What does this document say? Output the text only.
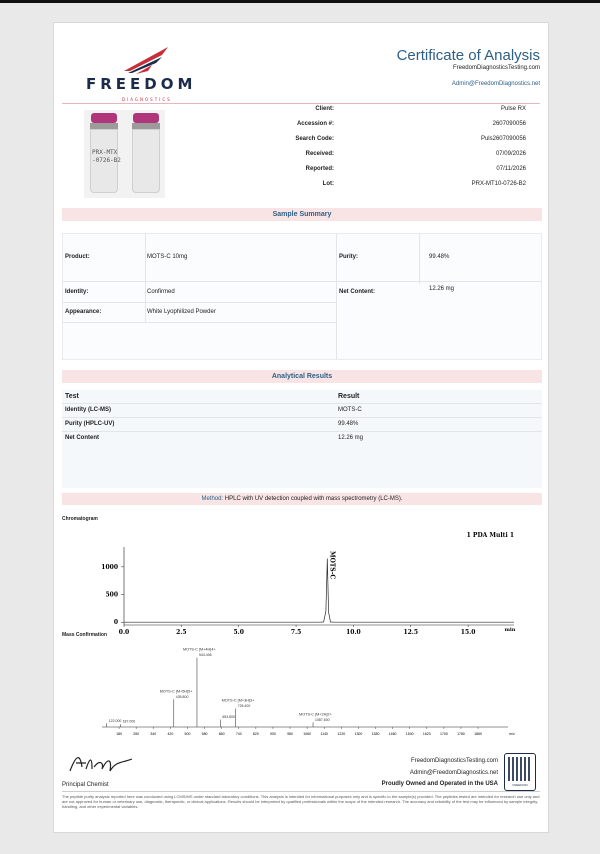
FREEDOM
DIAGNOSTICS
Certificate of Analysis
FreedomDiagnosticsTesting.com
Admin@FreedomDiagnostics.net
PRX-MTX
-0726-B2
Client:	Pulse RX
Accession #:	2607090056
Search Code:	Puls2607090056
Received:	07/09/2026
Reported:	07/11/2026
Lot:	PRX-MT10-0726-B2
Sample Summary
Product:	MOTS-C 10mg	Purity:	99.48%
Identity:	Confirmed	Net Content:	12.26 mg
Appearance:	White Lyophilized Powder
Analytical Results
Test	Result
Identity (LC-MS)	MOTS-C
Purity (HPLC-UV)	99.48%
Net Content	12.26 mg
Method: HPLC with UV detection coupled with mass spectrometry (LC-MS).
Chromatogram
1 PDA Multi 1
0
500
1000
0.0	2.5	5.0	7.5	10.0	12.5	15.0	min
MOTS-C
Mass Confirmation
180	260	340	420	500	580	660	740	820	900	980	1060	1140	1220	1300	1380	1460	1540	1620	1700	1780	1860	m/z
122.000 187.000
435.800
MOTS-C [M+5H]5+
544.406
MOTS-C [M+4H]4+
653.800
725.400
MOTS-C [M+3H]3+
1087.600
MOTS-C [M+2H]2+
Principal Chemist
FreedomDiagnosticsTesting.com
Admin@FreedomDiagnostics.net
Proudly Owned and Operated in the USA	FREEDOM
The peptide purity analysis reported here was conducted using LCMS/MS under standard laboratory conditions. This analysis is intended for informational purposes only and is specific to the sample(s) provided. The peptides tested are intended for research use only and are not approved for human or veterinary use, diagnostic, therapeutic, or clinical applications. Results should be interpreted by qualified professionals within the scope of the intended research. The accuracy and reliability of the test may be influenced by sample integrity, handling, and other experimental variables.
